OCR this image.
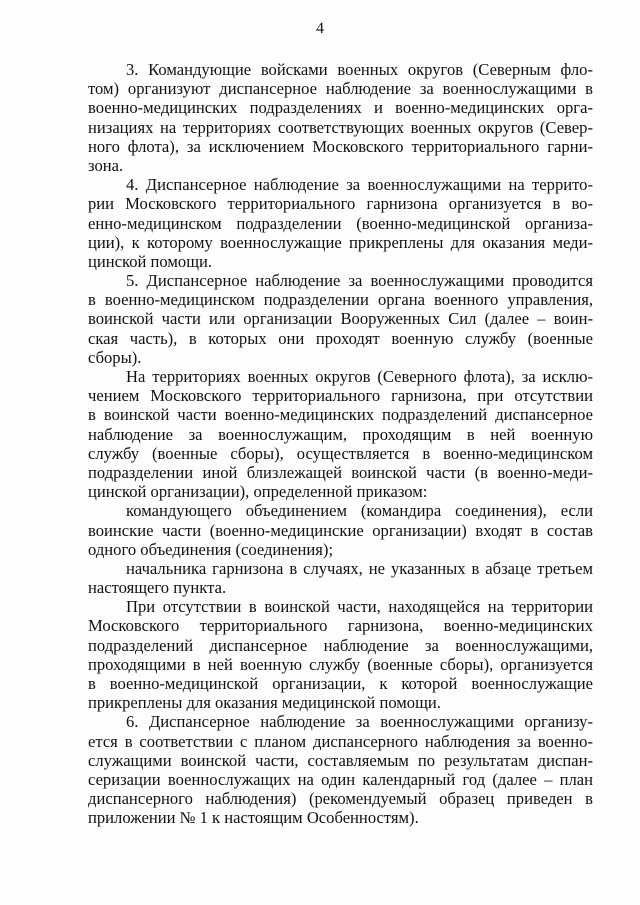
4
3. Командующие войсками военных округов (Северным фло-
том) организуют диспансерное наблюдение за военнослужащими в
военно-медицинских подразделениях и военно-медицинских орга-
низациях на территориях соответствующих военных округов (Север-
ного флота), за исключением Московского территориального гарни-
зона.
4. Диспансерное наблюдение за военнослужащими на террито-
рии Московского территориального гарнизона организуется в во-
енно-медицинском подразделении (военно-медицинской организа-
ции), к которому военнослужащие прикреплены для оказания меди-
цинской помощи.
5. Диспансерное наблюдение за военнослужащими проводится
в военно-медицинском подразделении органа военного управления,
воинской части или организации Вооруженных Сил (далее – воин-
ская часть), в которых они проходят военную службу (военные
сборы).
На территориях военных округов (Северного флота), за исклю-
чением Московского территориального гарнизона, при отсутствии
в воинской части военно-медицинских подразделений диспансерное
наблюдение за военнослужащим, проходящим в ней военную
службу (военные сборы), осуществляется в военно-медицинском
подразделении иной близлежащей воинской части (в военно-меди-
цинской организации), определенной приказом:
командующего объединением (командира соединения), если
воинские части (военно-медицинские организации) входят в состав
одного объединения (соединения);
начальника гарнизона в случаях, не указанных в абзаце третьем
настоящего пункта.
При отсутствии в воинской части, находящейся на территории
Московского территориального гарнизона, военно-медицинских
подразделений диспансерное наблюдение за военнослужащими,
проходящими в ней военную службу (военные сборы), организуется
в военно-медицинской организации, к которой военнослужащие
прикреплены для оказания медицинской помощи.
6. Диспансерное наблюдение за военнослужащими организу-
ется в соответствии с планом диспансерного наблюдения за военно-
служащими воинской части, составляемым по результатам диспан-
серизации военнослужащих на один календарный год (далее – план
диспансерного наблюдения) (рекомендуемый образец приведен в
приложении № 1 к настоящим Особенностям).
